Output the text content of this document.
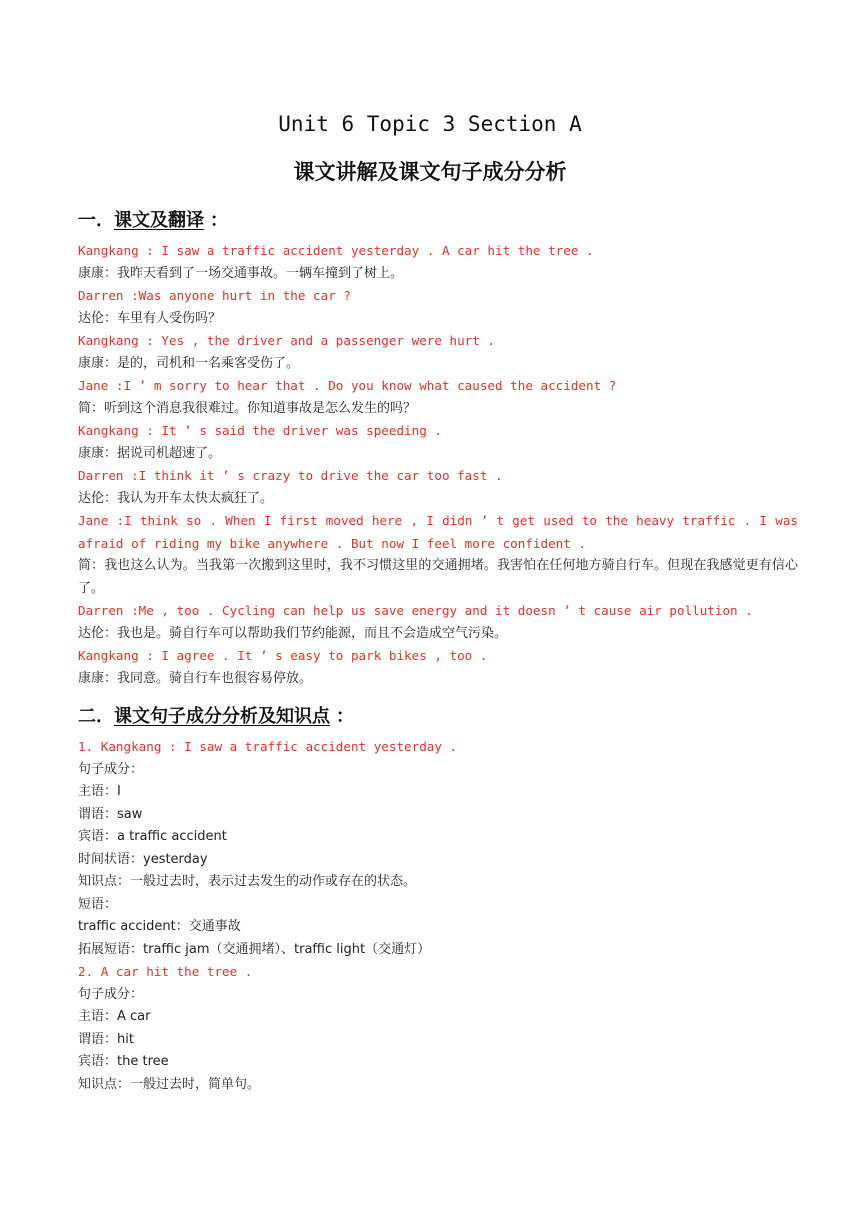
Unit 6 Topic 3 Section A
课文讲解及课文句子成分分析
一．课文及翻译 ：
Kangkang : I saw a traffic accident yesterday . A car hit the tree .
康康：我昨天看到了一场交通事故。一辆车撞到了树上。
Darren :Was anyone hurt in the car ?
达伦：车里有人受伤吗？
Kangkang : Yes , the driver and a passenger were hurt .
康康：是的，司机和一名乘客受伤了。
Jane :I ’ m sorry to hear that . Do you know what caused the accident ?
简：听到这个消息我很难过。你知道事故是怎么发生的吗？
Kangkang : It ’ s said the driver was speeding .
康康：据说司机超速了。
Darren :I think it ’ s crazy to drive the car too fast .
达伦：我认为开车太快太疯狂了。
Jane :I think so . When I first moved here , I didn ’ t get used to the heavy traffic . I was afraid of riding my bike anywhere . But now I feel more confident .
简：我也这么认为。当我第一次搬到这里时，我不习惯这里的交通拥堵。我害怕在任何地方骑自行车。但现在我感觉更有信心了。
Darren :Me , too . Cycling can help us save energy and it doesn ’ t cause air pollution .
达伦：我也是。骑自行车可以帮助我们节约能源，而且不会造成空气污染。
Kangkang : I agree . It ’ s easy to park bikes , too .
康康：我同意。骑自行车也很容易停放。
二．课文句子成分分析及知识点 ：
1. Kangkang : I saw a traffic accident yesterday .
句子成分：
主语：I
谓语：saw
宾语：a traffic accident
时间状语：yesterday
知识点：一般过去时，表示过去发生的动作或存在的状态。
短语：
traffic accident：交通事故
拓展短语：traffic jam（交通拥堵）、traffic light（交通灯）
2. A car hit the tree .
句子成分：
主语：A car
谓语：hit
宾语：the tree
知识点：一般过去时，简单句。
